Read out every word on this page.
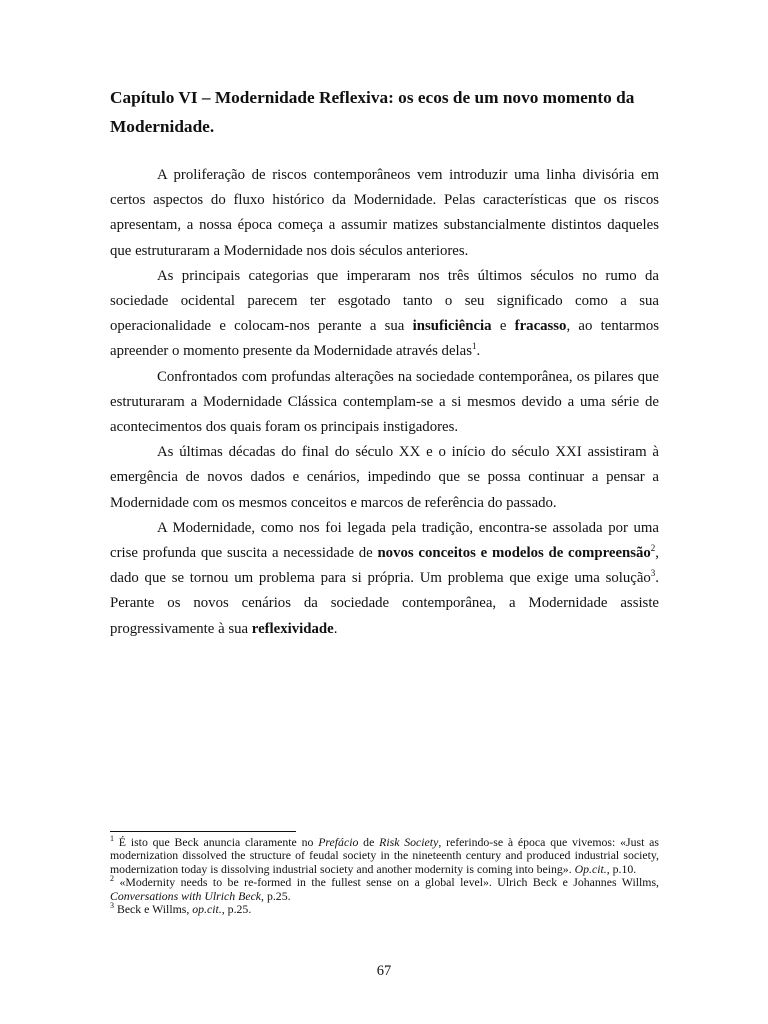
Capítulo VI – Modernidade Reflexiva: os ecos de um novo momento da Modernidade.

A proliferação de riscos contemporâneos vem introduzir uma linha divisória em certos aspectos do fluxo histórico da Modernidade. Pelas características que os riscos apresentam, a nossa época começa a assumir matizes substancialmente distintos daqueles que estruturaram a Modernidade nos dois séculos anteriores.

As principais categorias que imperaram nos três últimos séculos no rumo da sociedade ocidental parecem ter esgotado tanto o seu significado como a sua operacionalidade e colocam-nos perante a sua insuficiência e fracasso, ao tentarmos apreender o momento presente da Modernidade através delas$^1$.

Confrontados com profundas alterações na sociedade contemporânea, os pilares que estruturaram a Modernidade Clássica contemplam-se a si mesmos devido a uma série de acontecimentos dos quais foram os principais instigadores.

As últimas décadas do final do século XX e o início do século XXI assistiram à emergência de novos dados e cenários, impedindo que se possa continuar a pensar a Modernidade com os mesmos conceitos e marcos de referência do passado.

A Modernidade, como nos foi legada pela tradição, encontra-se assolada por uma crise profunda que suscita a necessidade de novos conceitos e modelos de compreensão$^2$, dado que se tornou um problema para si própria. Um problema que exige uma solução$^3$. Perante os novos cenários da sociedade contemporânea, a Modernidade assiste progressivamente à sua reflexividade.

$^1$ É isto que Beck anuncia claramente no Prefácio de Risk Society, referindo-se à época que vivemos: «Just as modernization dissolved the structure of feudal society in the nineteenth century and produced industrial society, modernization today is dissolving industrial society and another modernity is coming into being». Op.cit., p.10.

$^2$ «Modernity needs to be re-formed in the fullest sense on a global level». Ulrich Beck e Johannes Willms, Conversations with Ulrich Beck, p.25.

$^3$ Beck e Willms, op.cit., p.25.

67
